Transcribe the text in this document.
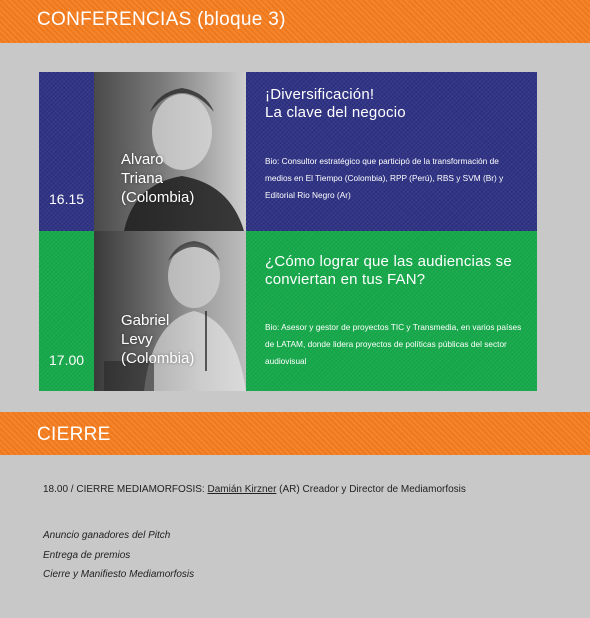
CONFERENCIAS (bloque 3)
Alvaro
Triana
(Colombia)
16.15
¡Diversificación!
La clave del negocio
Bio: Consultor estratégico que participó de la transformación de medios en El Tiempo (Colombia), RPP (Perú), RBS y SVM (Br) y Editorial Rio Negro (Ar)
Gabriel
Levy
(Colombia)
17.00
¿Cómo lograr que las audiencias se conviertan en tus FAN?
Bio: Asesor y gestor de proyectos TIC y Transmedia, en varios países de LATAM, donde lidera proyectos de políticas públicas del sector audiovisual
CIERRE
18.00 / CIERRE MEDIAMORFOSIS: Damián Kirzner (AR) Creador y Director de Mediamorfosis
Anuncio ganadores del Pitch
Entrega de premios
Cierre y Manifiesto Mediamorfosis
